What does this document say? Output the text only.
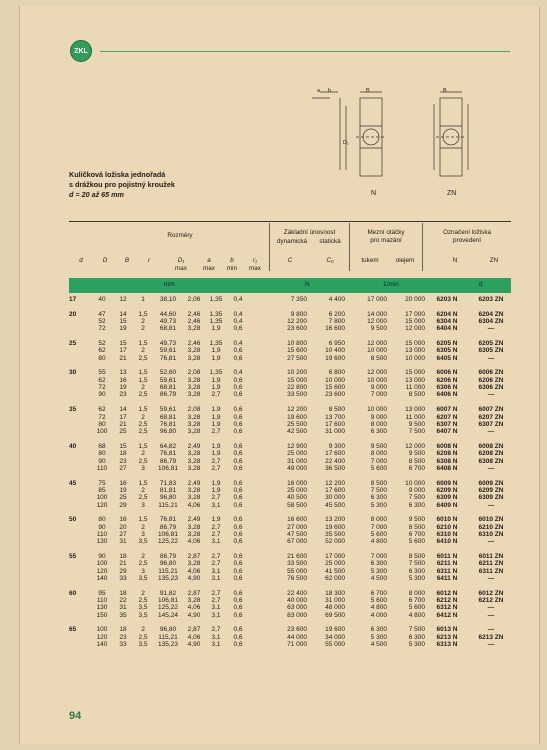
ZKL
a b	B
D₁
N
B
ZN
Kuličková ložiska jednořadá
s drážkou pro pojistný kroužek
d = 20 až 65 mm
Rozměry	Základní únosnost
dynamická	statická
Mezní otáčky
pro mazání
Označení ložiska
provedení
d	D	B	r	D₁	a	b	r₁
max	max	min	max
C	C₀	tukem	olejem	N	ZN
mm	N	1/min	d
17	40	12	1	38,10	2,06	1,35	0,4	7 350	4 400	17 000	20 000	6203 N	6203 ZN

20	47	14	1,5	44,60	2,46	1,35	0,4	9 800	6 200	14 000	17 000	6204 N	6204 ZN
	52	15	2	49,73	2,46	1,35	0,4	12 200	7 800	12 000	15 000	6304 N	6304 ZN
	72	19	2	68,81	3,28	1,9	0,6	23 600	16 600	9 500	12 000	6404 N	—

25	52	15	1,5	49,73	2,46	1,35	0,4	10 800	6 950	12 000	15 000	6205 N	6205 ZN
	62	17	2	59,61	3,28	1,9	0,6	15 600	10 400	10 000	13 000	6305 N	6305 ZN
	80	21	2,5	76,81	3,28	1,9	0,6	27 500	19 600	8 500	10 000	6405 N	—

30	55	13	1,5	52,60	2,08	1,35	0,4	10 200	6 800	12 000	15 000	6006 N	6006 ZN
	62	16	1,5	59,61	3,28	1,9	0,6	15 000	10 000	10 000	13 000	6206 N	6206 ZN
	72	19	2	68,81	3,28	1,9	0,6	22 800	15 600	9 000	11 000	6306 N	6306 ZN
	90	23	2,5	86,79	3,28	2,7	0,6	33 500	23 600	7 000	8 500	6406 N	—

35	62	14	1,5	59,61	2,08	1,9	0,6	12 200	8 500	10 000	13 000	6007 N	6007 ZN
	72	17	2	68,81	3,28	1,9	0,6	19 600	13 700	9 000	11 000	6207 N	6207 ZN
	80	21	2,5	76,81	3,28	1,9	0,6	25 500	17 600	8 000	9 500	6307 N	6307 ZN
	100	25	2,5	96,80	3,28	2,7	0,6	42 500	31 000	6 300	7 500	6407 N	—

40	68	15	1,5	64,82	2,49	1,9	0,6	12 900	9 300	9 500	12 000	6008 N	6008 ZN
	80	18	2	76,81	3,28	1,9	0,6	25 000	17 600	8 000	9 500	6208 N	6208 ZN
	90	23	2,5	86,79	3,28	2,7	0,6	31 000	22 400	7 000	8 500	6308 N	6308 ZN
	110	27	3	106,81	3,28	2,7	0,6	49 000	36 500	5 600	6 700	6408 N	—

45	75	16	1,5	71,83	2,49	1,9	0,6	16 000	12 200	8 500	10 000	6009 N	6009 ZN
	85	19	2	81,81	3,28	1,9	0,6	25 000	17 600	7 500	9 000	6209 N	6209 ZN
	100	25	2,5	96,80	3,28	2,7	0,6	40 500	30 000	6 300	7 500	6309 N	6309 ZN
	120	29	3	115,21	4,06	3,1	0,6	58 500	45 500	5 300	6 300	6409 N	—

50	80	16	1,5	76,81	2,49	1,9	0,6	16 600	13 200	8 000	9 500	6010 N	6010 ZN
	90	20	2	86,79	3,28	2,7	0,6	27 000	19 600	7 000	8 500	6210 N	6210 ZN
	110	27	3	106,81	3,28	2,7	0,6	47 500	35 500	5 600	6 700	6310 N	6310 ZN
	130	31	3,5	125,22	4,06	3,1	0,6	67 000	52 000	4 800	5 600	6410 N	—

55	90	18	2	86,79	2,87	2,7	0,6	21 600	17 000	7 000	8 500	6011 N	6011 ZN
	100	21	2,5	96,80	3,28	2,7	0,6	33 500	25 000	6 300	7 500	6211 N	6211 ZN
	120	29	3	115,21	4,06	3,1	0,6	55 000	41 500	5 300	6 300	6311 N	6311 ZN
	140	33	3,5	135,23	4,90	3,1	0,6	76 500	62 000	4 500	5 300	6411 N	—

60	95	18	2	91,82	2,87	2,7	0,6	22 400	18 300	6 700	8 000	6012 N	6012 ZN
	110	22	2,5	106,81	3,28	2,7	0,6	40 000	31 000	5 600	6 700	6212 N	6212 ZN
	130	31	3,5	125,22	4,06	3,1	0,6	63 000	48 000	4 800	5 600	6312 N	—
	150	35	3,5	145,24	4,90	3,1	0,6	83 000	69 500	4 000	4 800	6412 N	—

65	100	18	2	96,80	2,87	2,7	0,6	23 600	19 600	6 300	7 500	6013 N	—
	120	23	2,5	115,21	4,06	3,1	0,6	44 000	34 000	5 300	6 300	6213 N	6213 ZN
	140	33	3,5	135,23	4,90	3,1	0,6	71 000	55 000	4 500	5 300	6313 N	—
94
